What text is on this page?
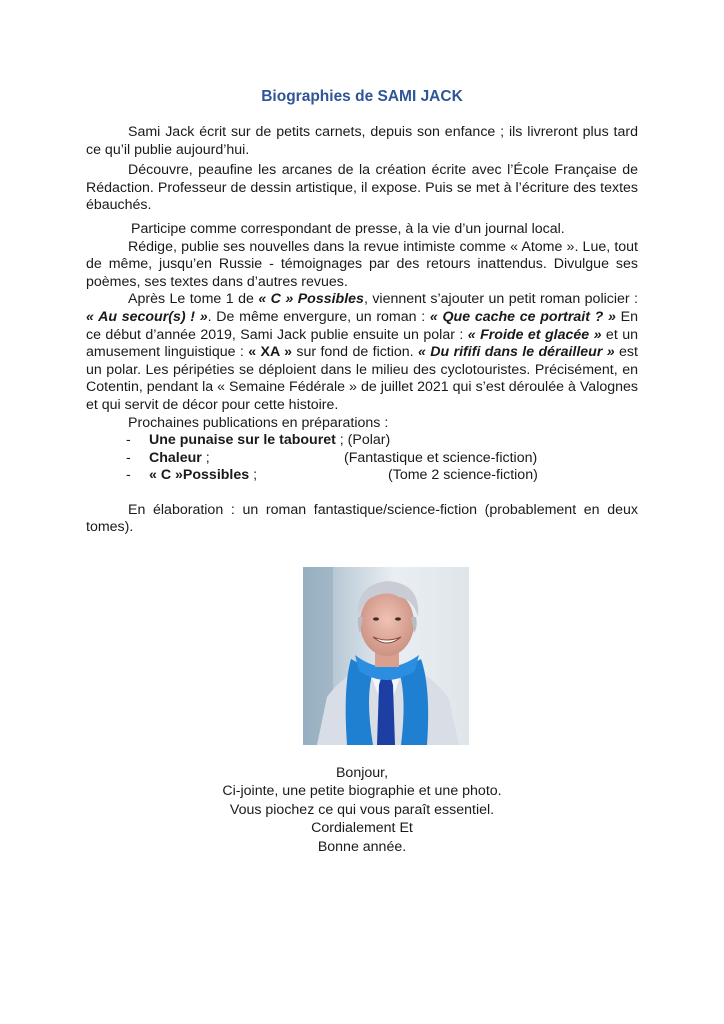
Biographies de SAMI JACK

Sami Jack écrit sur de petits carnets, depuis son enfance ; ils livreront plus tard ce qu’il publie aujourd’hui.

Découvre, peaufine les arcanes de la création écrite avec l’École Française de Rédaction. Professeur de dessin artistique, il expose. Puis se met à l’écriture des textes ébauchés.

Participe comme correspondant de presse, à la vie d’un journal local.

Rédige, publie ses nouvelles dans la revue intimiste comme « Atome ». Lue, tout de même, jusqu’en Russie - témoignages par des retours inattendus. Divulgue ses poèmes, ses textes dans d’autres revues.

Après Le tome 1 de « C » Possibles, viennent s’ajouter un petit roman policier : « Au secour(s) ! ». De même envergure, un roman : « Que cache ce portrait ? » En ce début d’année 2019, Sami Jack publie ensuite un polar : « Froide et glacée » et un amusement linguistique : « XA » sur fond de fiction. « Du rififi dans le dérailleur » est un polar. Les péripéties se déploient dans le milieu des cyclotouristes. Précisément, en Cotentin, pendant la « Semaine Fédérale » de juillet 2021 qui s’est déroulée à Valognes et qui servit de décor pour cette histoire.

Prochaines publications en préparations :

- Une punaise sur le tabouret ; (Polar)
- Chaleur ;	(Fantastique et science-fiction)
- « C »Possibles ;	(Tome 2 science-fiction)

En élaboration : un roman fantastique/science-fiction (probablement en deux tomes).

Bonjour,
Ci-jointe, une petite biographie et une photo.
Vous piochez ce qui vous paraît essentiel.
Cordialement Et
Bonne année.
